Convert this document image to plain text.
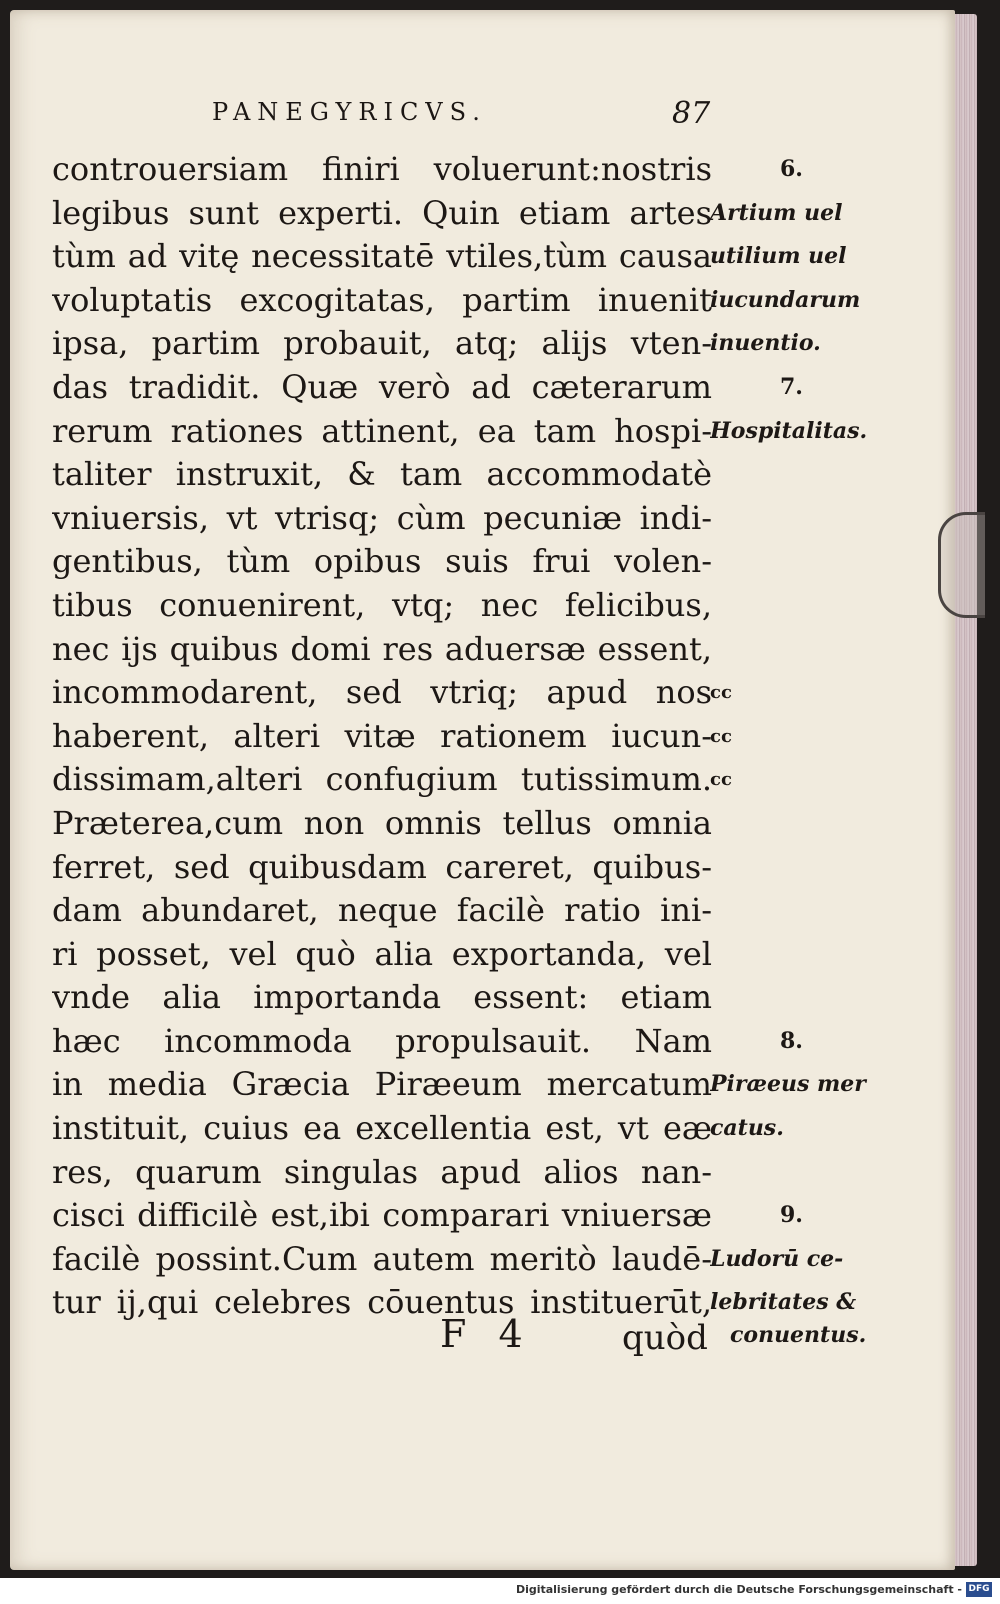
PANEGYRICVS.	87
controuersiam finiri voluerunt:nostris
legibus sunt experti. Quin etiam artes
tùm ad vitę necessitatē vtiles,tùm causa
voluptatis excogitatas, partim inuenit
ipsa, partim probauit, atq; alijs vten-
das tradidit. Quæ verò ad cæterarum
rerum rationes attinent, ea tam hospi-
taliter instruxit, & tam accommodatè
vniuersis, vt vtrisq; cùm pecuniæ indi-
gentibus, tùm opibus suis frui volen-
tibus conuenirent, vtq; nec felicibus,
nec ijs quibus domi res aduersæ essent,
incommodarent, sed vtriq; apud nos
haberent, alteri vitæ rationem iucun-
dissimam,alteri confugium tutissimum.
Præterea,cum non omnis tellus omnia
ferret, sed quibusdam careret, quibus-
dam abundaret, neque facilè ratio ini-
ri posset, vel quò alia exportanda, vel
vnde alia importanda essent: etiam
hæc incommoda propulsauit. Nam
in media Græcia Piræeum mercatum
instituit, cuius ea excellentia est, vt eæ
res, quarum singulas apud alios nan-
cisci difficilè est,ibi comparari vniuersæ
facilè possint.Cum autem meritò laudē-
tur ij,qui celebres cōuentus instituerūt,
6.
Artium uel
utilium uel
iucundarum
inuentio.
7.
Hospitalitas.
cc
cc
cc
8.
Piræeus mer
catus.
9.
Ludorū ce-
lebritates &
F 4	quòd conuentus.
Digitalisierung gefördert durch die Deutsche Forschungsgemeinschaft - DFG
